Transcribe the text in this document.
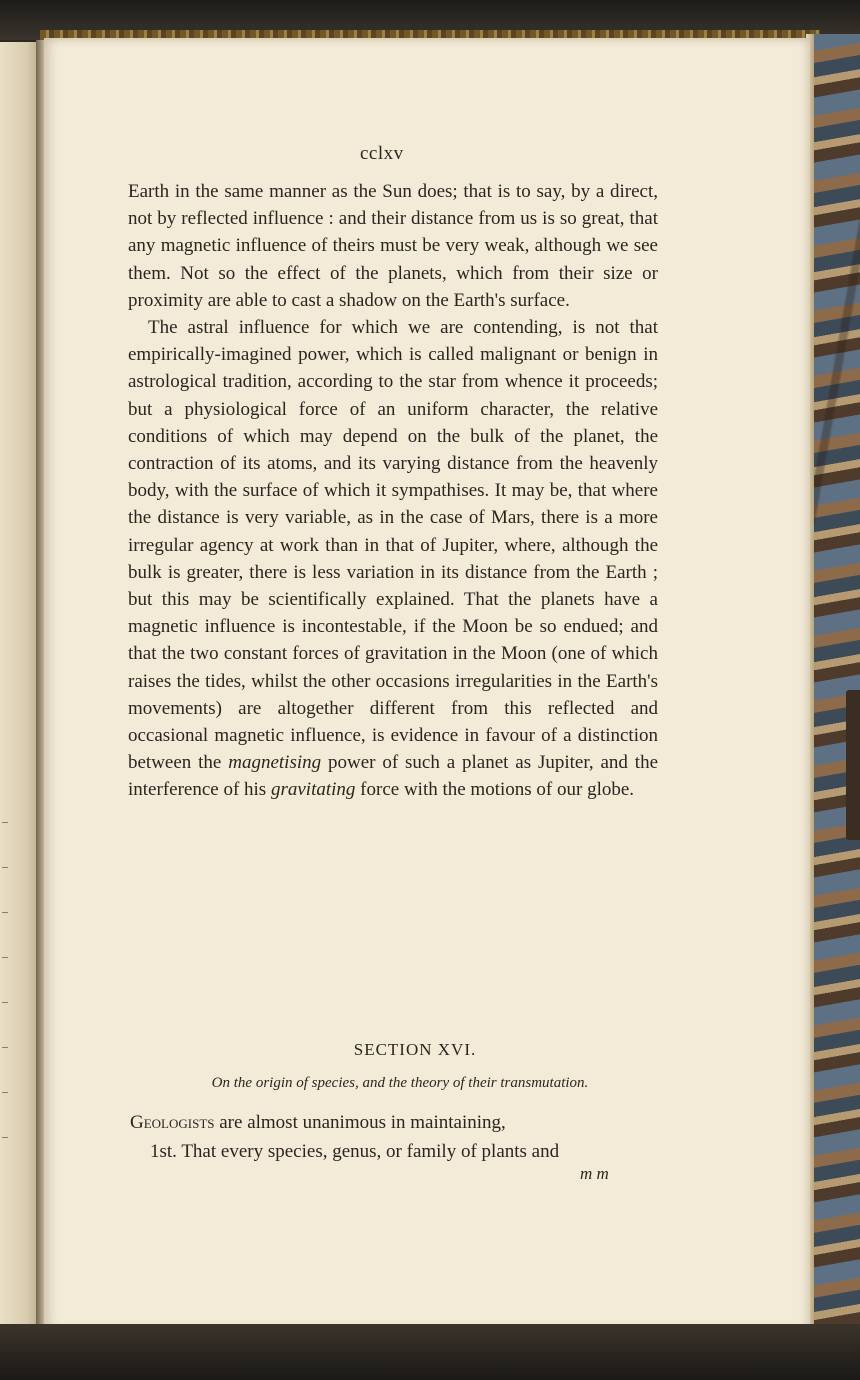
cclxv

Earth in the same manner as the Sun does; that is to say, by a direct, not by reflected influence : and their distance from us is so great, that any magnetic influence of theirs must be very weak, although we see them. Not so the effect of the planets, which from their size or proximity are able to cast a shadow on the Earth's surface.

The astral influence for which we are contending, is not that empirically-imagined power, which is called malignant or benign in astrological tradition, according to the star from whence it proceeds; but a physiological force of an uniform character, the relative conditions of which may depend on the bulk of the planet, the contraction of its atoms, and its varying distance from the heavenly body, with the surface of which it sympathises. It may be, that where the distance is very variable, as in the case of Mars, there is a more irregular agency at work than in that of Jupiter, where, although the bulk is greater, there is less variation in its distance from the Earth ; but this may be scientifically explained. That the planets have a magnetic influence is incontestable, if the Moon be so endued; and that the two constant forces of gravitation in the Moon (one of which raises the tides, whilst the other occasions irregularities in the Earth's movements) are altogether different from this reflected and occasional magnetic influence, is evidence in favour of a distinction between the magnetising power of such a planet as Jupiter, and the interference of his gravitating force with the motions of our globe.

SECTION XVI.
On the origin of species, and the theory of their transmutation.

Geologists are almost unanimous in maintaining,

1st. That every species, genus, or family of plants and

m m
